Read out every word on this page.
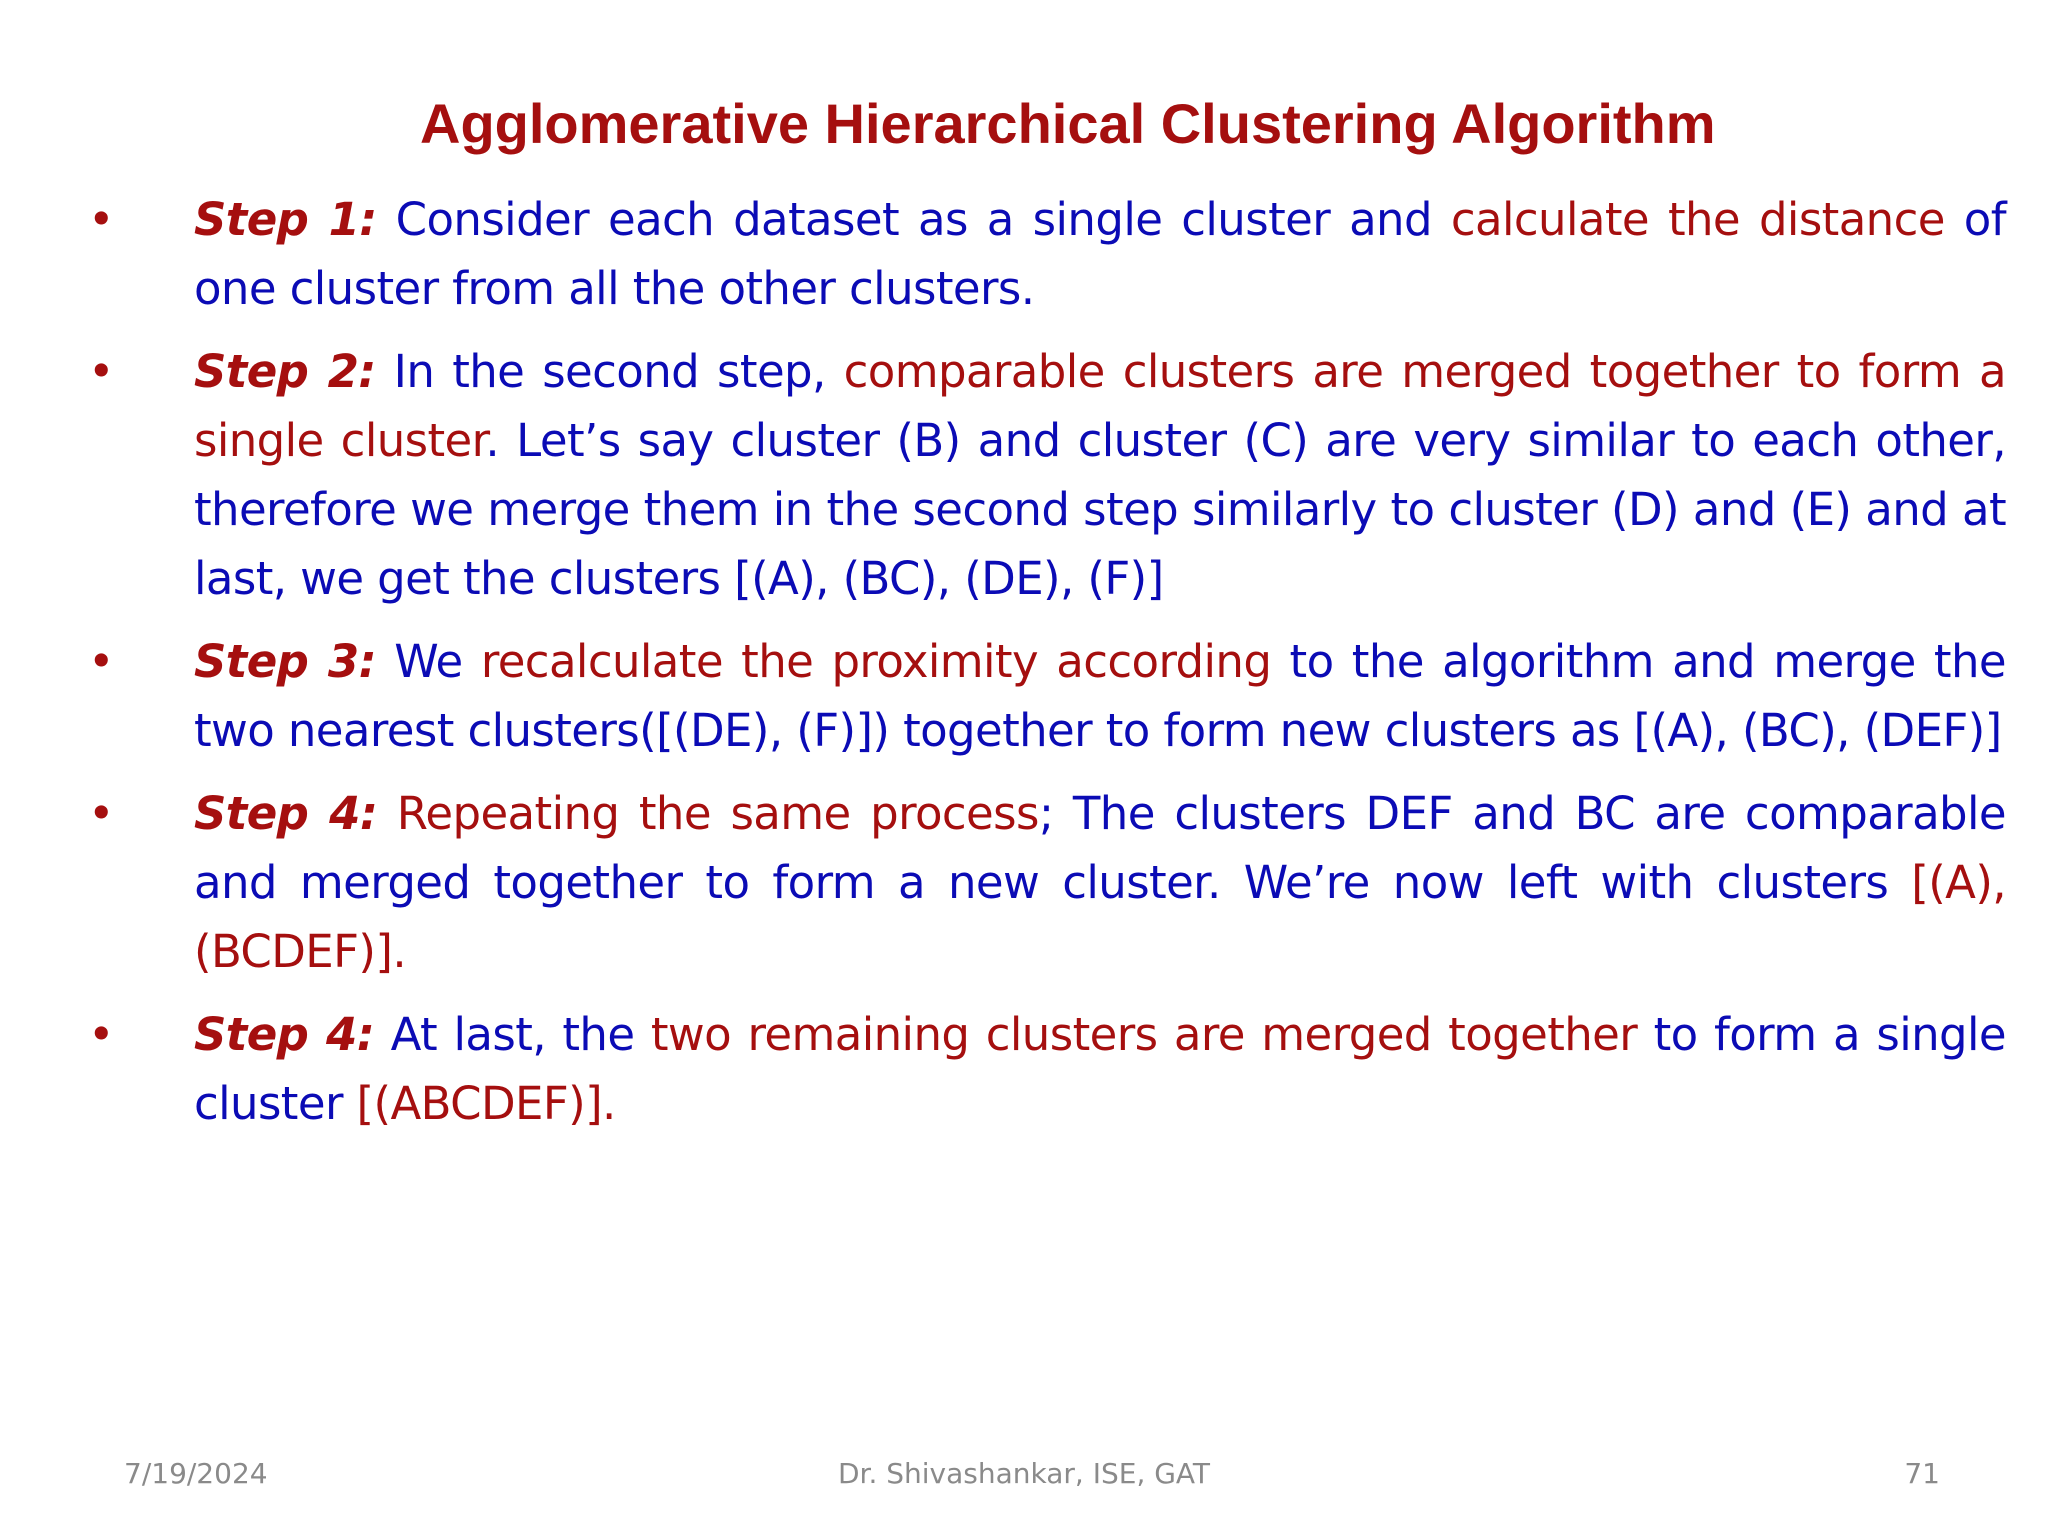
Agglomerative Hierarchical Clustering Algorithm
•	Step 1: Consider each dataset as a single cluster and calculate the distance of one cluster from all the other clusters.
•	Step 2: In the second step, comparable clusters are merged together to form a single cluster. Let’s say cluster (B) and cluster (C) are very similar to each other, therefore we merge them in the second step similarly to cluster (D) and (E) and at last, we get the clusters [(A), (BC), (DE), (F)]
•	Step 3: We recalculate the proximity according to the algorithm and merge the two nearest clusters([(DE), (F)]) together to form new clusters as [(A), (BC), (DEF)]
•	Step 4: Repeating the same process; The clusters DEF and BC are comparable and merged together to form a new cluster. We’re now left with clusters [(A), (BCDEF)].
•	Step 4: At last, the two remaining clusters are merged together to form a single cluster [(ABCDEF)].
7/19/2024	Dr. Shivashankar, ISE, GAT	71
